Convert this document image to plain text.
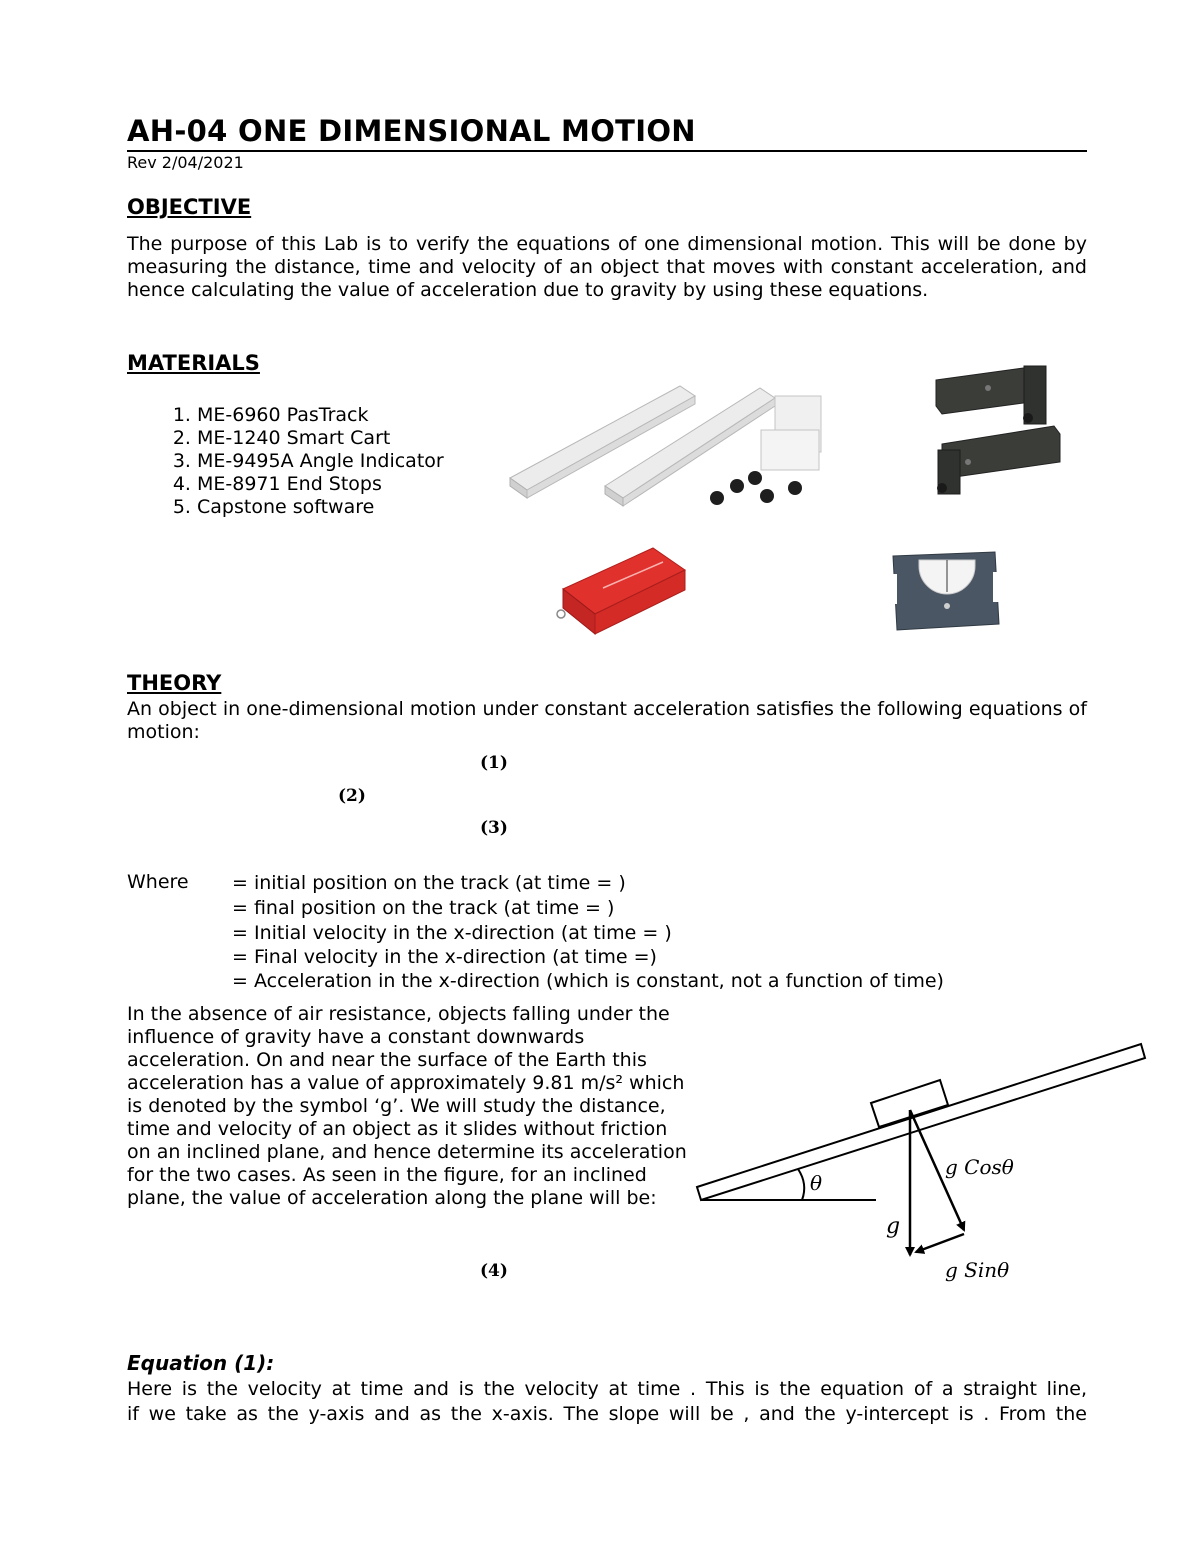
AH-04 ONE DIMENSIONAL MOTION
Rev 2/04/2021
OBJECTIVE
The purpose of this Lab is to verify the equations of one dimensional motion. This will be done by measuring the distance, time and velocity of an object that moves with constant acceleration, and hence calculating the value of acceleration due to gravity by using these equations.
MATERIALS
1. ME-6960 PasTrack
2. ME-1240 Smart Cart
3. ME-9495A Angle Indicator
4. ME-8971 End Stops
5. Capstone software
THEORY
An object in one-dimensional motion under constant acceleration satisfies the following equations of motion:
(1)
(2)
(3)
Where = initial position on the track (at time = )
= final position on the track (at time = )
= Initial velocity in the x-direction (at time = )
= Final velocity in the x-direction (at time =)
= Acceleration in the x-direction (which is constant, not a function of time)
In the absence of air resistance, objects falling under the influence of gravity have a constant downwards acceleration. On and near the surface of the Earth this acceleration has a value of approximately 9.81 m/s² which is denoted by the symbol ‘g’. We will study the distance, time and velocity of an object as it slides without friction on an inclined plane, and hence determine its acceleration for the two cases. As seen in the figure, for an inclined plane, the value of acceleration along the plane will be:
(4)
θ
g
g Cosθ
g Sinθ
Equation (1):
Here is the velocity at time and is the velocity at time . This is the equation of a straight line,
if we take as the y-axis and as the x-axis. The slope will be , and the y-intercept is . From the
